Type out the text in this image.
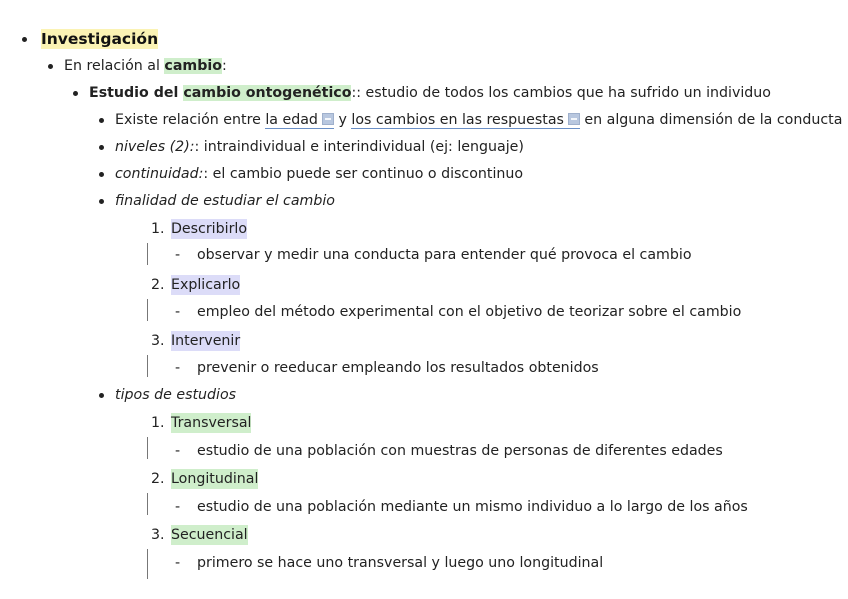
Investigación
En relación al cambio:
Estudio del cambio ontogenético:: estudio de todos los cambios que ha sufrido un individuo
Existe relación entre la edad y los cambios en las respuestas en alguna dimensión de la conducta
niveles (2):: intraindividual e interindividual (ej: lenguaje)
continuidad:: el cambio puede ser continuo o discontinuo
finalidad de estudiar el cambio
1. Describirlo
- observar y medir una conducta para entender qué provoca el cambio
2. Explicarlo
- empleo del método experimental con el objetivo de teorizar sobre el cambio
3. Intervenir
- prevenir o reeducar empleando los resultados obtenidos
tipos de estudios
1. Transversal
- estudio de una población con muestras de personas de diferentes edades
2. Longitudinal
- estudio de una población mediante un mismo individuo a lo largo de los años
3. Secuencial
- primero se hace uno transversal y luego uno longitudinal
